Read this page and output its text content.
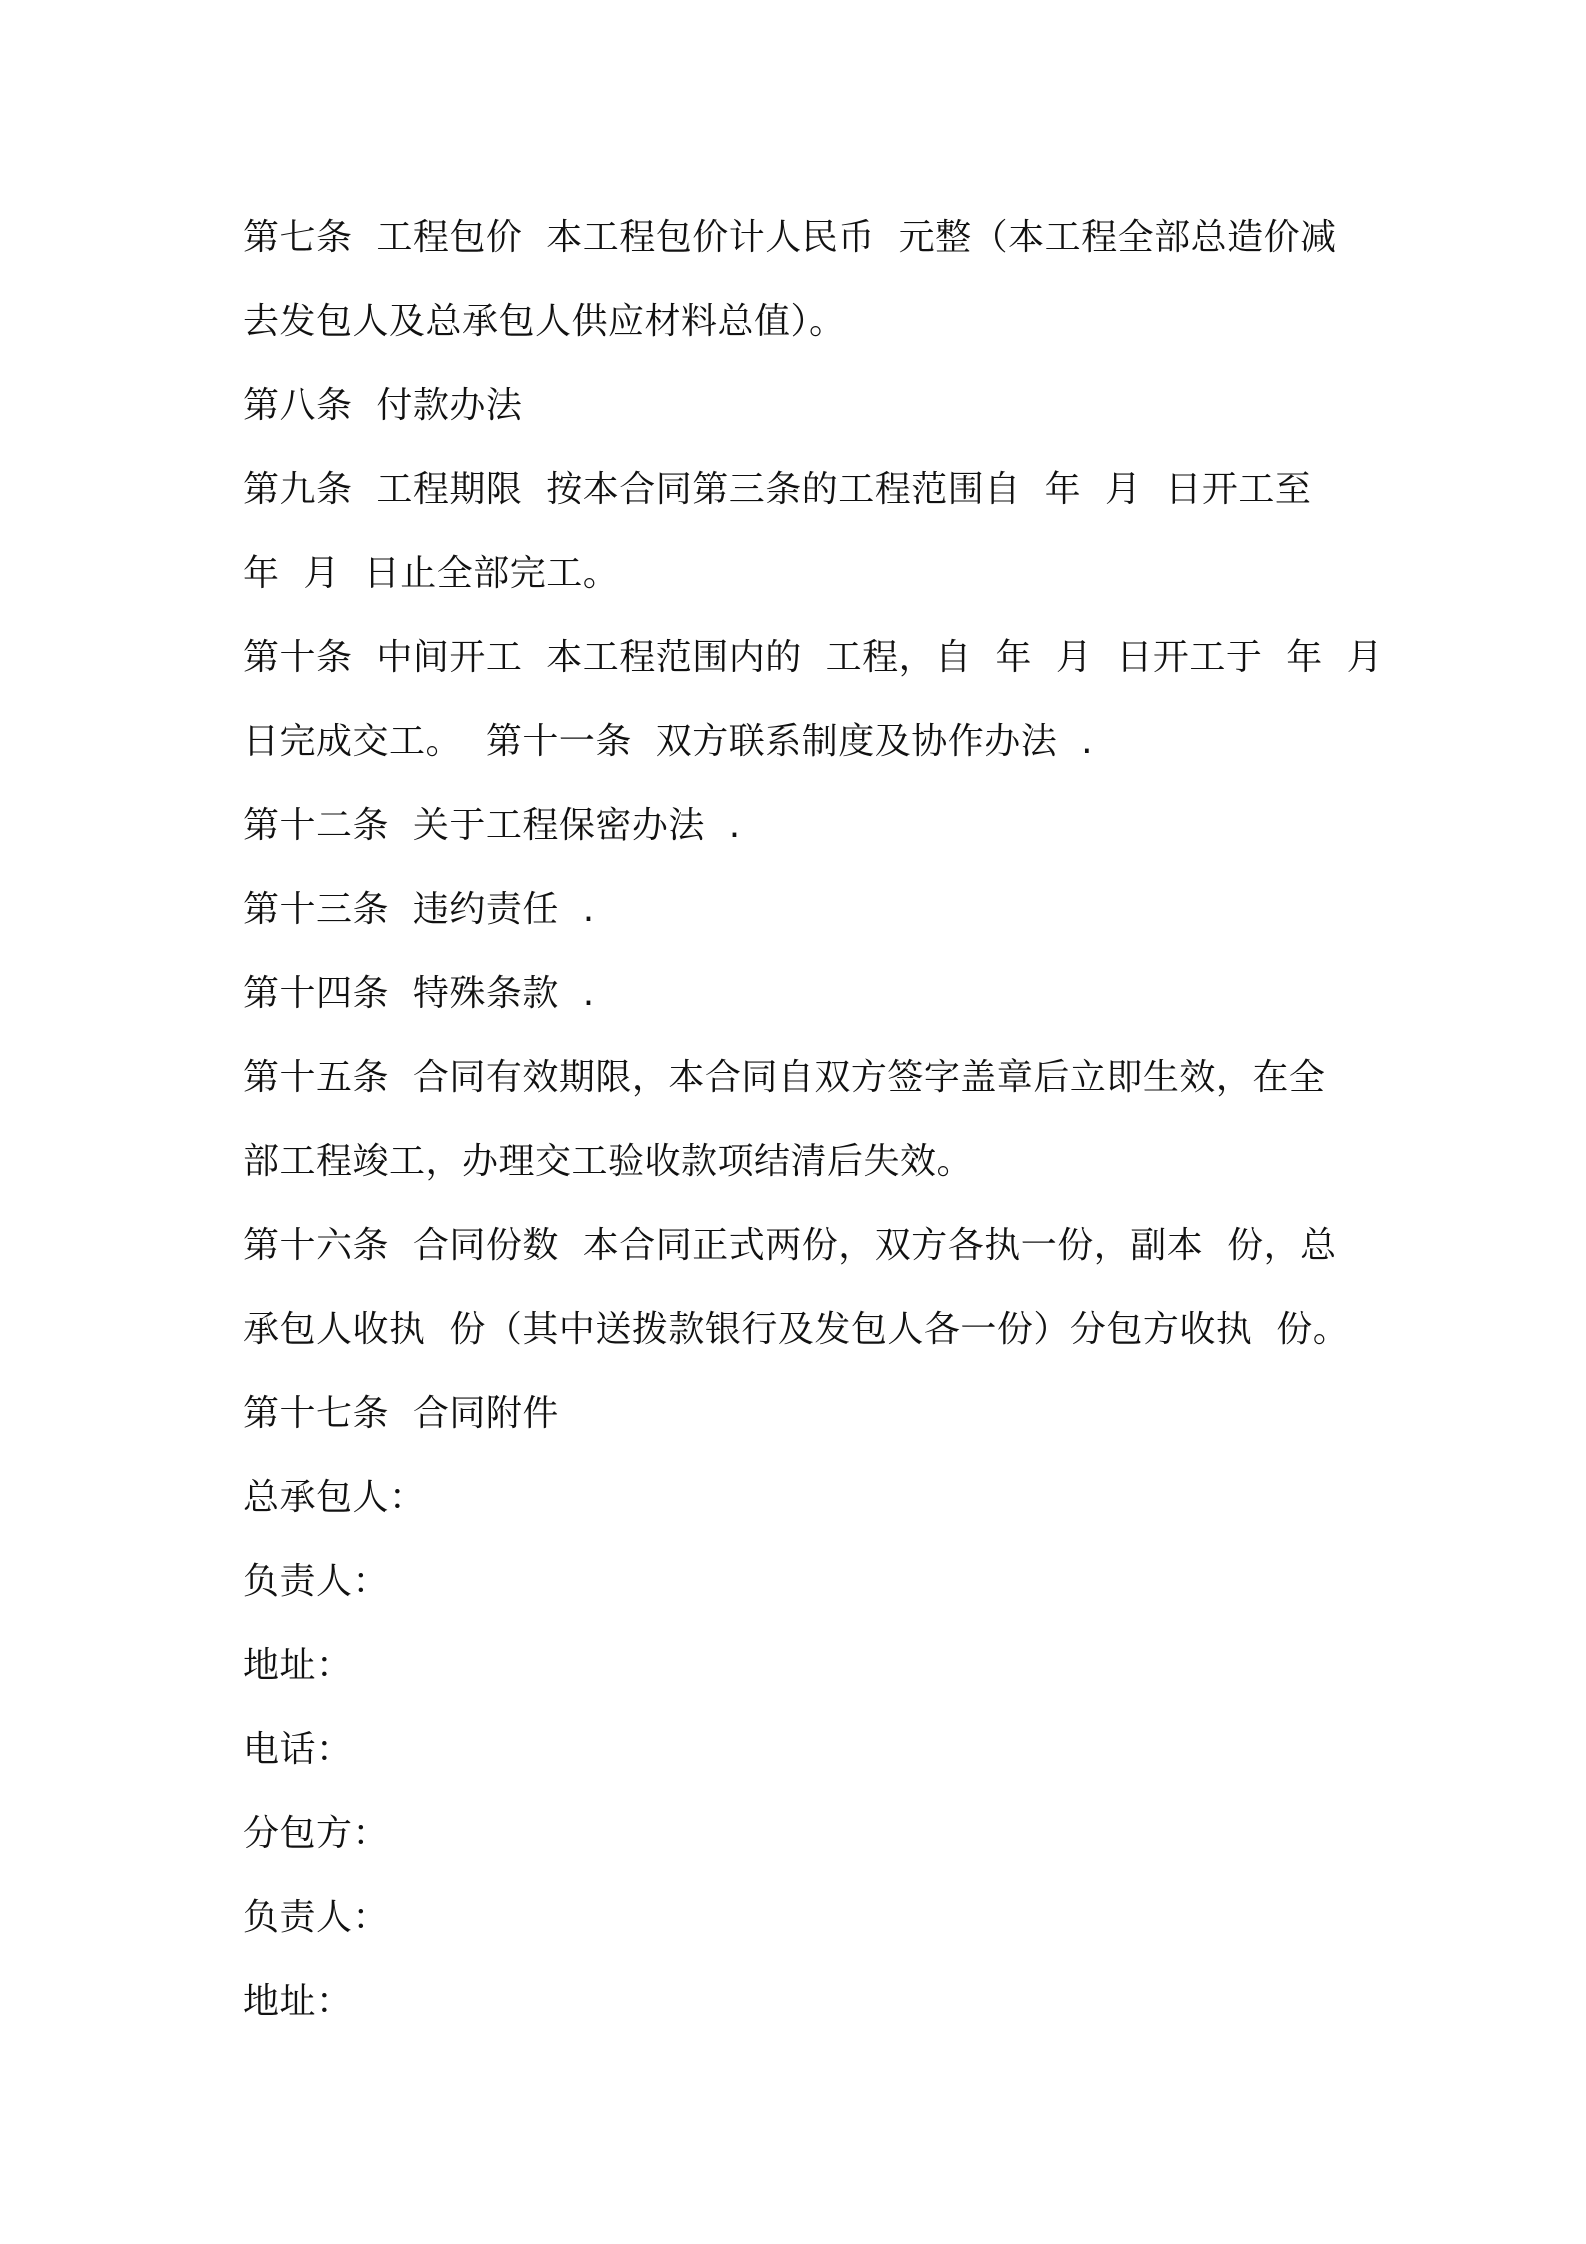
第七条  工程包价  本工程包价计人民币  元整（本工程全部总造价减
去发包人及总承包人供应材料总值）。
第八条  付款办法
第九条  工程期限  按本合同第三条的工程范围自  年  月  日开工至
年  月  日止全部完工。
第十条  中间开工  本工程范围内的  工程，自  年  月  日开工于  年  月
日完成交工。  第十一条  双方联系制度及协作办法  .
第十二条  关于工程保密办法  .
第十三条  违约责任  .
第十四条  特殊条款  .
第十五条  合同有效期限，本合同自双方签字盖章后立即生效，在全
部工程竣工，办理交工验收款项结清后失效。
第十六条  合同份数  本合同正式两份，双方各执一份，副本  份，总
承包人收执  份（其中送拨款银行及发包人各一份）分包方收执  份。
第十七条  合同附件
总承包人：
负责人：
地址：
电话：
分包方：
负责人：
地址：
